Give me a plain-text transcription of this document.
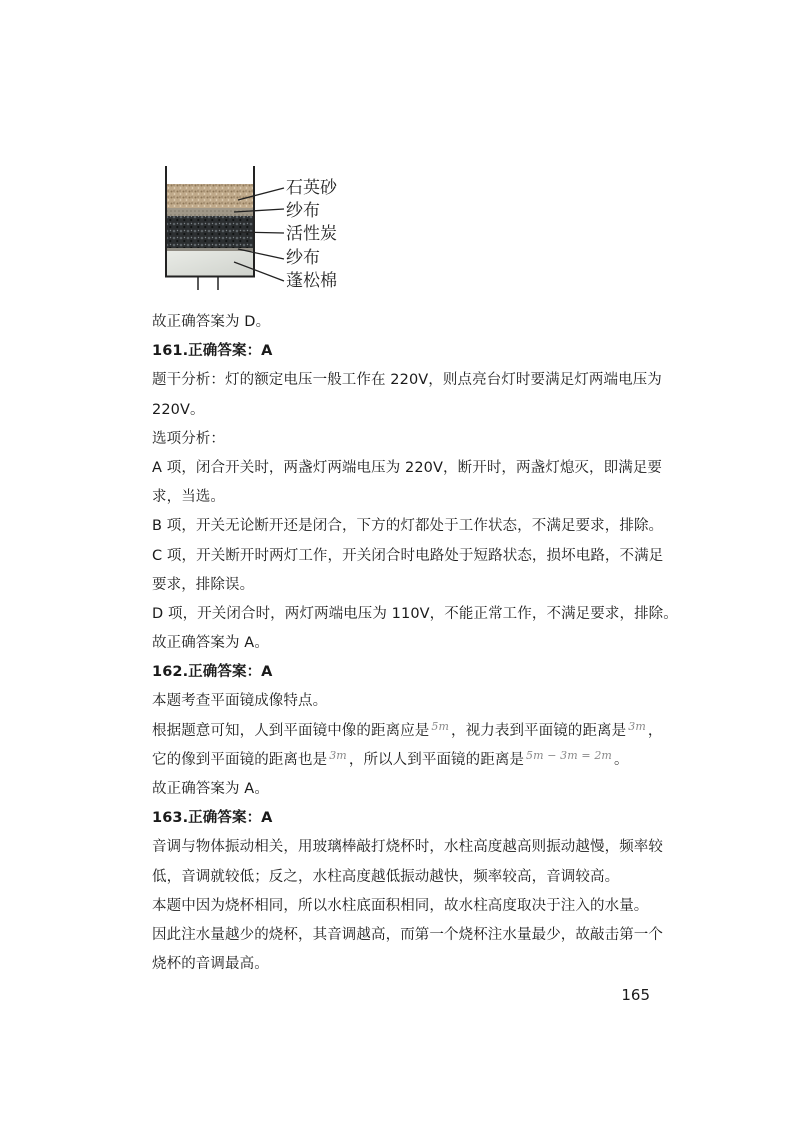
石英砂
纱布
活性炭
纱布
蓬松棉
故正确答案为 D。
161.正确答案：A
题干分析：灯的额定电压一般工作在 220V，则点亮台灯时要满足灯两端电压为
220V。
选项分析：
A 项，闭合开关时，两盏灯两端电压为 220V，断开时，两盏灯熄灭，即满足要
求，当选。
B 项，开关无论断开还是闭合，下方的灯都处于工作状态，不满足要求，排除。
C 项，开关断开时两灯工作，开关闭合时电路处于短路状态，损坏电路，不满足
要求，排除误。
D 项，开关闭合时，两灯两端电压为 110V，不能正常工作，不满足要求，排除。
故正确答案为 A。
162.正确答案：A
本题考查平面镜成像特点。
根据题意可知，人到平面镜中像的距离应是 $^{5m}$ ，视力表到平面镜的距离是 $^{3m}$ ，
它的像到平面镜的距离也是 $^{3m}$ ，所以人到平面镜的距离是 $^{5m - 3m = 2m}$ 。
故正确答案为 A。
163.正确答案：A
音调与物体振动相关，用玻璃棒敲打烧杯时，水柱高度越高则振动越慢，频率较
低，音调就较低；反之，水柱高度越低振动越快，频率较高，音调较高。
本题中因为烧杯相同，所以水柱底面积相同，故水柱高度取决于注入的水量。
因此注水量越少的烧杯，其音调越高，而第一个烧杯注水量最少，故敲击第一个
烧杯的音调最高。
165
